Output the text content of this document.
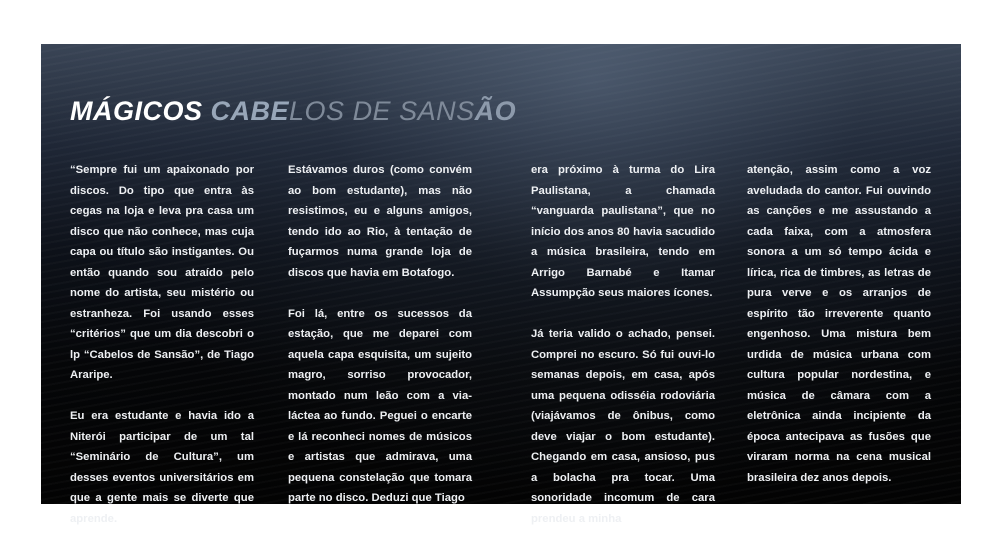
MÁGICOS CABELOS DE SANSÃO

“Sempre fui um apaixonado por discos. Do tipo que entra às cegas na loja e leva pra casa um disco que não conhece, mas cuja capa ou título são instigantes. Ou então quando sou atraído pelo nome do artista, seu mistério ou estranheza. Foi usando esses “critérios” que um dia descobri o lp “Cabelos de Sansão”, de Tiago Araripe.

Eu era estudante e havia ido a Niterói participar de um tal “Seminário de Cultura”, um desses eventos universitários em que a gente mais se diverte que aprende.

Estávamos duros (como convém ao bom estudante), mas não resistimos, eu e alguns amigos, tendo ido ao Rio, à tentação de fuçarmos numa grande loja de discos que havia em Botafogo.

Foi lá, entre os sucessos da estação, que me deparei com aquela capa esquisita, um sujeito magro, sorriso provocador, montado num leão com a via-láctea ao fundo. Peguei o encarte e lá reconheci nomes de músicos e artistas que admirava, uma pequena constelação que tomara parte no disco. Deduzi que Tiago

era próximo à turma do Lira Paulistana, a chamada “vanguarda paulistana”, que no início dos anos 80 havia sacudido a música brasileira, tendo em Arrigo Barnabé e Itamar Assumpção seus maiores ícones.

Já teria valido o achado, pensei. Comprei no escuro. Só fui ouvi-lo semanas depois, em casa, após uma pequena odisséia rodoviária (viajávamos de ônibus, como deve viajar o bom estudante). Chegando em casa, ansioso, pus a bolacha pra tocar. Uma sonoridade incomum de cara prendeu a minha

atenção, assim como a voz aveludada do cantor. Fui ouvindo as canções e me assustando a cada faixa, com a atmosfera sonora a um só tempo ácida e lírica, rica de timbres, as letras de pura verve e os arranjos de espírito tão irreverente quanto engenhoso. Uma mistura bem urdida de música urbana com cultura popular nordestina, e música de câmara com a eletrônica ainda incipiente da época antecipava as fusões que viraram norma na cena musical brasileira dez anos depois.
